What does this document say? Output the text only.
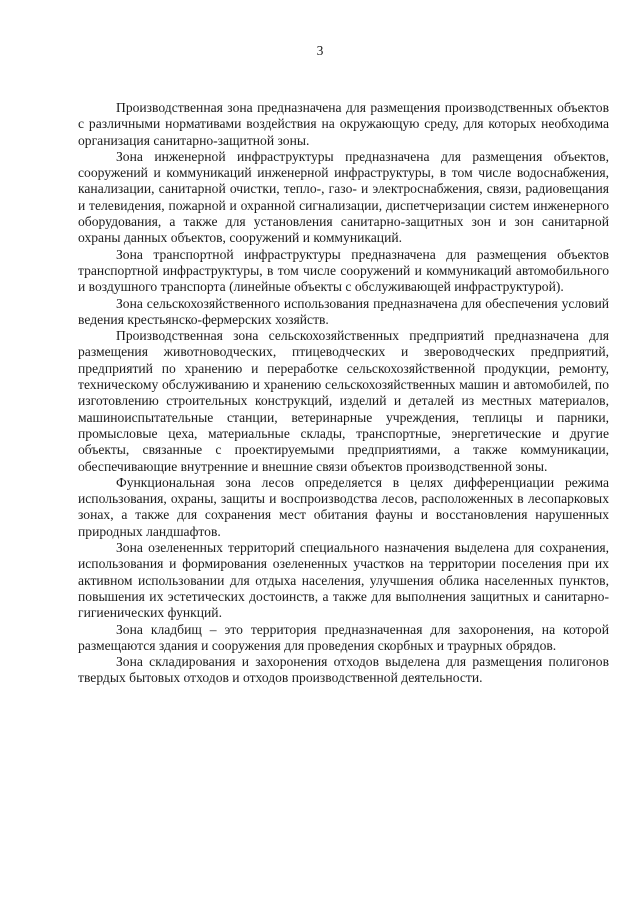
3

Производственная зона предназначена для размещения производственных объектов с различными нормативами воздействия на окружающую среду, для которых необходима организация санитарно-защитной зоны.

Зона инженерной инфраструктуры предназначена для размещения объектов, сооружений и коммуникаций инженерной инфраструктуры, в том числе водоснабжения, канализации, санитарной очистки, тепло-, газо- и электроснабжения, связи, радиовещания и телевидения, пожарной и охранной сигнализации, диспетчеризации систем инженерного оборудования, а также для установления санитарно-защитных зон и зон санитарной охраны данных объектов, сооружений и коммуникаций.

Зона транспортной инфраструктуры предназначена для размещения объектов транспортной инфраструктуры, в том числе сооружений и коммуникаций автомобильного и воздушного транспорта (линейные объекты с обслуживающей инфраструктурой).

Зона сельскохозяйственного использования предназначена для обеспечения условий ведения крестьянско-фермерских хозяйств.

Производственная зона сельскохозяйственных предприятий предназначена для размещения животноводческих, птицеводческих и звероводческих предприятий, предприятий по хранению и переработке сельскохозяйственной продукции, ремонту, техническому обслуживанию и хранению сельскохозяйственных машин и автомобилей, по изготовлению строительных конструкций, изделий и деталей из местных материалов, машиноиспытательные станции, ветеринарные учреждения, теплицы и парники, промысловые цеха, материальные склады, транспортные, энергетические и другие объекты, связанные с проектируемыми предприятиями, а также коммуникации, обеспечивающие внутренние и внешние связи объектов производственной зоны.

Функциональная зона лесов определяется в целях дифференциации режима использования, охраны, защиты и воспроизводства лесов, расположенных в лесопарковых зонах, а также для сохранения мест обитания фауны и восстановления нарушенных природных ландшафтов.

Зона озелененных территорий специального назначения выделена для сохранения, использования и формирования озелененных участков на территории поселения при их активном использовании для отдыха населения, улучшения облика населенных пунктов, повышения их эстетических достоинств, а также для выполнения защитных и санитарно-гигиенических функций.

Зона кладбищ – это территория предназначенная для захоронения, на которой размещаются здания и сооружения для проведения скорбных и траурных обрядов.

Зона складирования и захоронения отходов выделена для размещения полигонов твердых бытовых отходов и отходов производственной деятельности.
